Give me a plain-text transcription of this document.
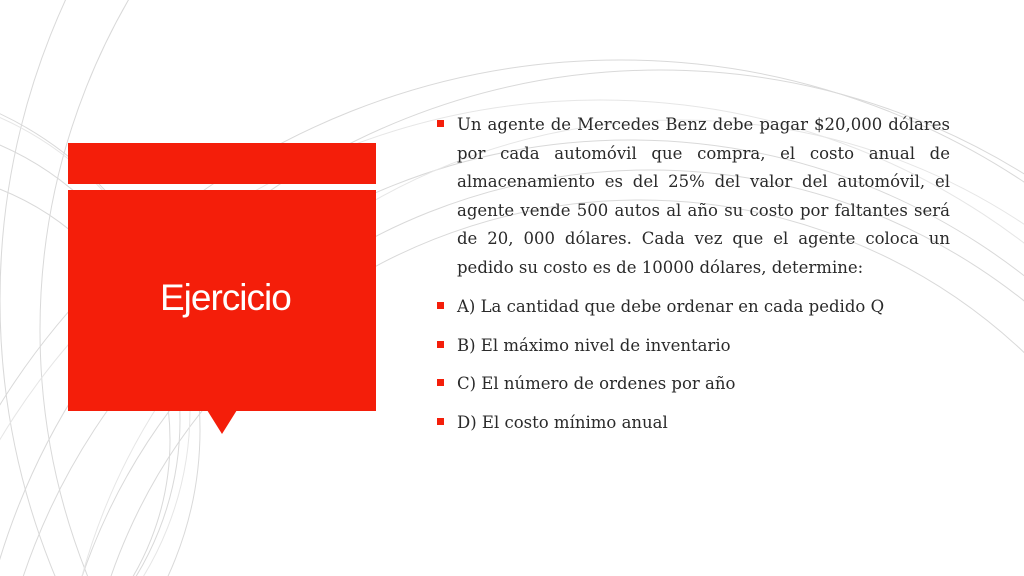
Ejercicio
Un agente de Mercedes Benz debe pagar $20,000 dólares por cada automóvil que compra, el costo anual de almacenamiento es del 25% del valor del automóvil, el agente vende 500 autos al año su costo por faltantes será de 20, 000 dólares. Cada vez que el agente coloca un pedido su costo es de 10000 dólares, determine:
A) La cantidad que debe ordenar en cada pedido Q
B) El máximo nivel de inventario
C) El número de ordenes por año
D) El costo mínimo anual
